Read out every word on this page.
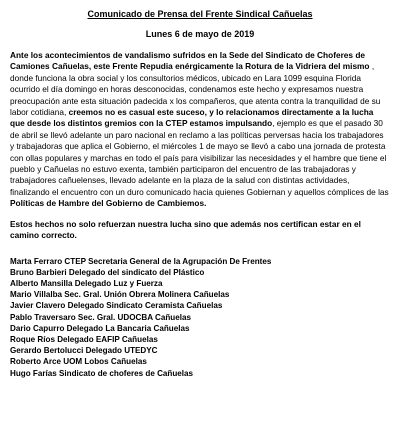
Comunicado de Prensa del Frente Sindical Cañuelas

Lunes 6 de mayo de 2019

Ante los acontecimientos de vandalismo sufridos en la Sede del Sindicato de Choferes de Camiones Cañuelas, este Frente Repudia enérgicamente la Rotura de la Vidriera del mismo , donde funciona la obra social y los consultorios médicos, ubicado en Lara 1099 esquina Florida ocurrido el día domingo en horas desconocidas, condenamos este hecho y expresamos nuestra preocupación ante esta situación padecida x los compañeros, que atenta contra la tranquilidad de su labor cotidiana, creemos no es casual este suceso, y lo relacionamos directamente a la lucha que desde los distintos gremios con la CTEP estamos impulsando, ejemplo es que el pasado 30 de abril se llevó adelante un paro nacional en reclamo a las políticas perversas hacia los trabajadores y trabajadoras que aplica el Gobierno, el miércoles 1 de mayo se llevó a cabo una jornada de protesta con ollas populares y marchas en todo el país para visibilizar las necesidades y el hambre que tiene el pueblo y Cañuelas no estuvo exenta, también participaron del encuentro de las trabajadoras y trabajadores cañuelenses, llevado adelante en la plaza de la salud con distintas actividades, finalizando el encuentro con un duro comunicado hacia quienes Gobiernan y aquellos cómplices de las Políticas de Hambre del Gobierno de Cambiemos.

Estos hechos no solo refuerzan nuestra lucha sino que además nos certifican estar en el camino correcto.

Marta Ferraro CTEP Secretaria General de la Agrupación De Frentes
Bruno Barbieri Delegado del sindicato del Plástico
Alberto Mansilla Delegado Luz y Fuerza
Mario Villalba Sec. Gral. Unión Obrera Molinera Cañuelas
Javier Clavero Delegado Sindicato Ceramista Cañuelas
Pablo Traversaro Sec. Gral. UDOCBA Cañuelas
Dario Capurro Delegado La Bancaria Cañuelas
Roque Ríos Delegado EAFIP Cañuelas
Gerardo Bertolucci Delegado UTEDYC
Roberto Arce UOM Lobos Cañuelas
Hugo Farías Sindicato de choferes de Cañuelas
